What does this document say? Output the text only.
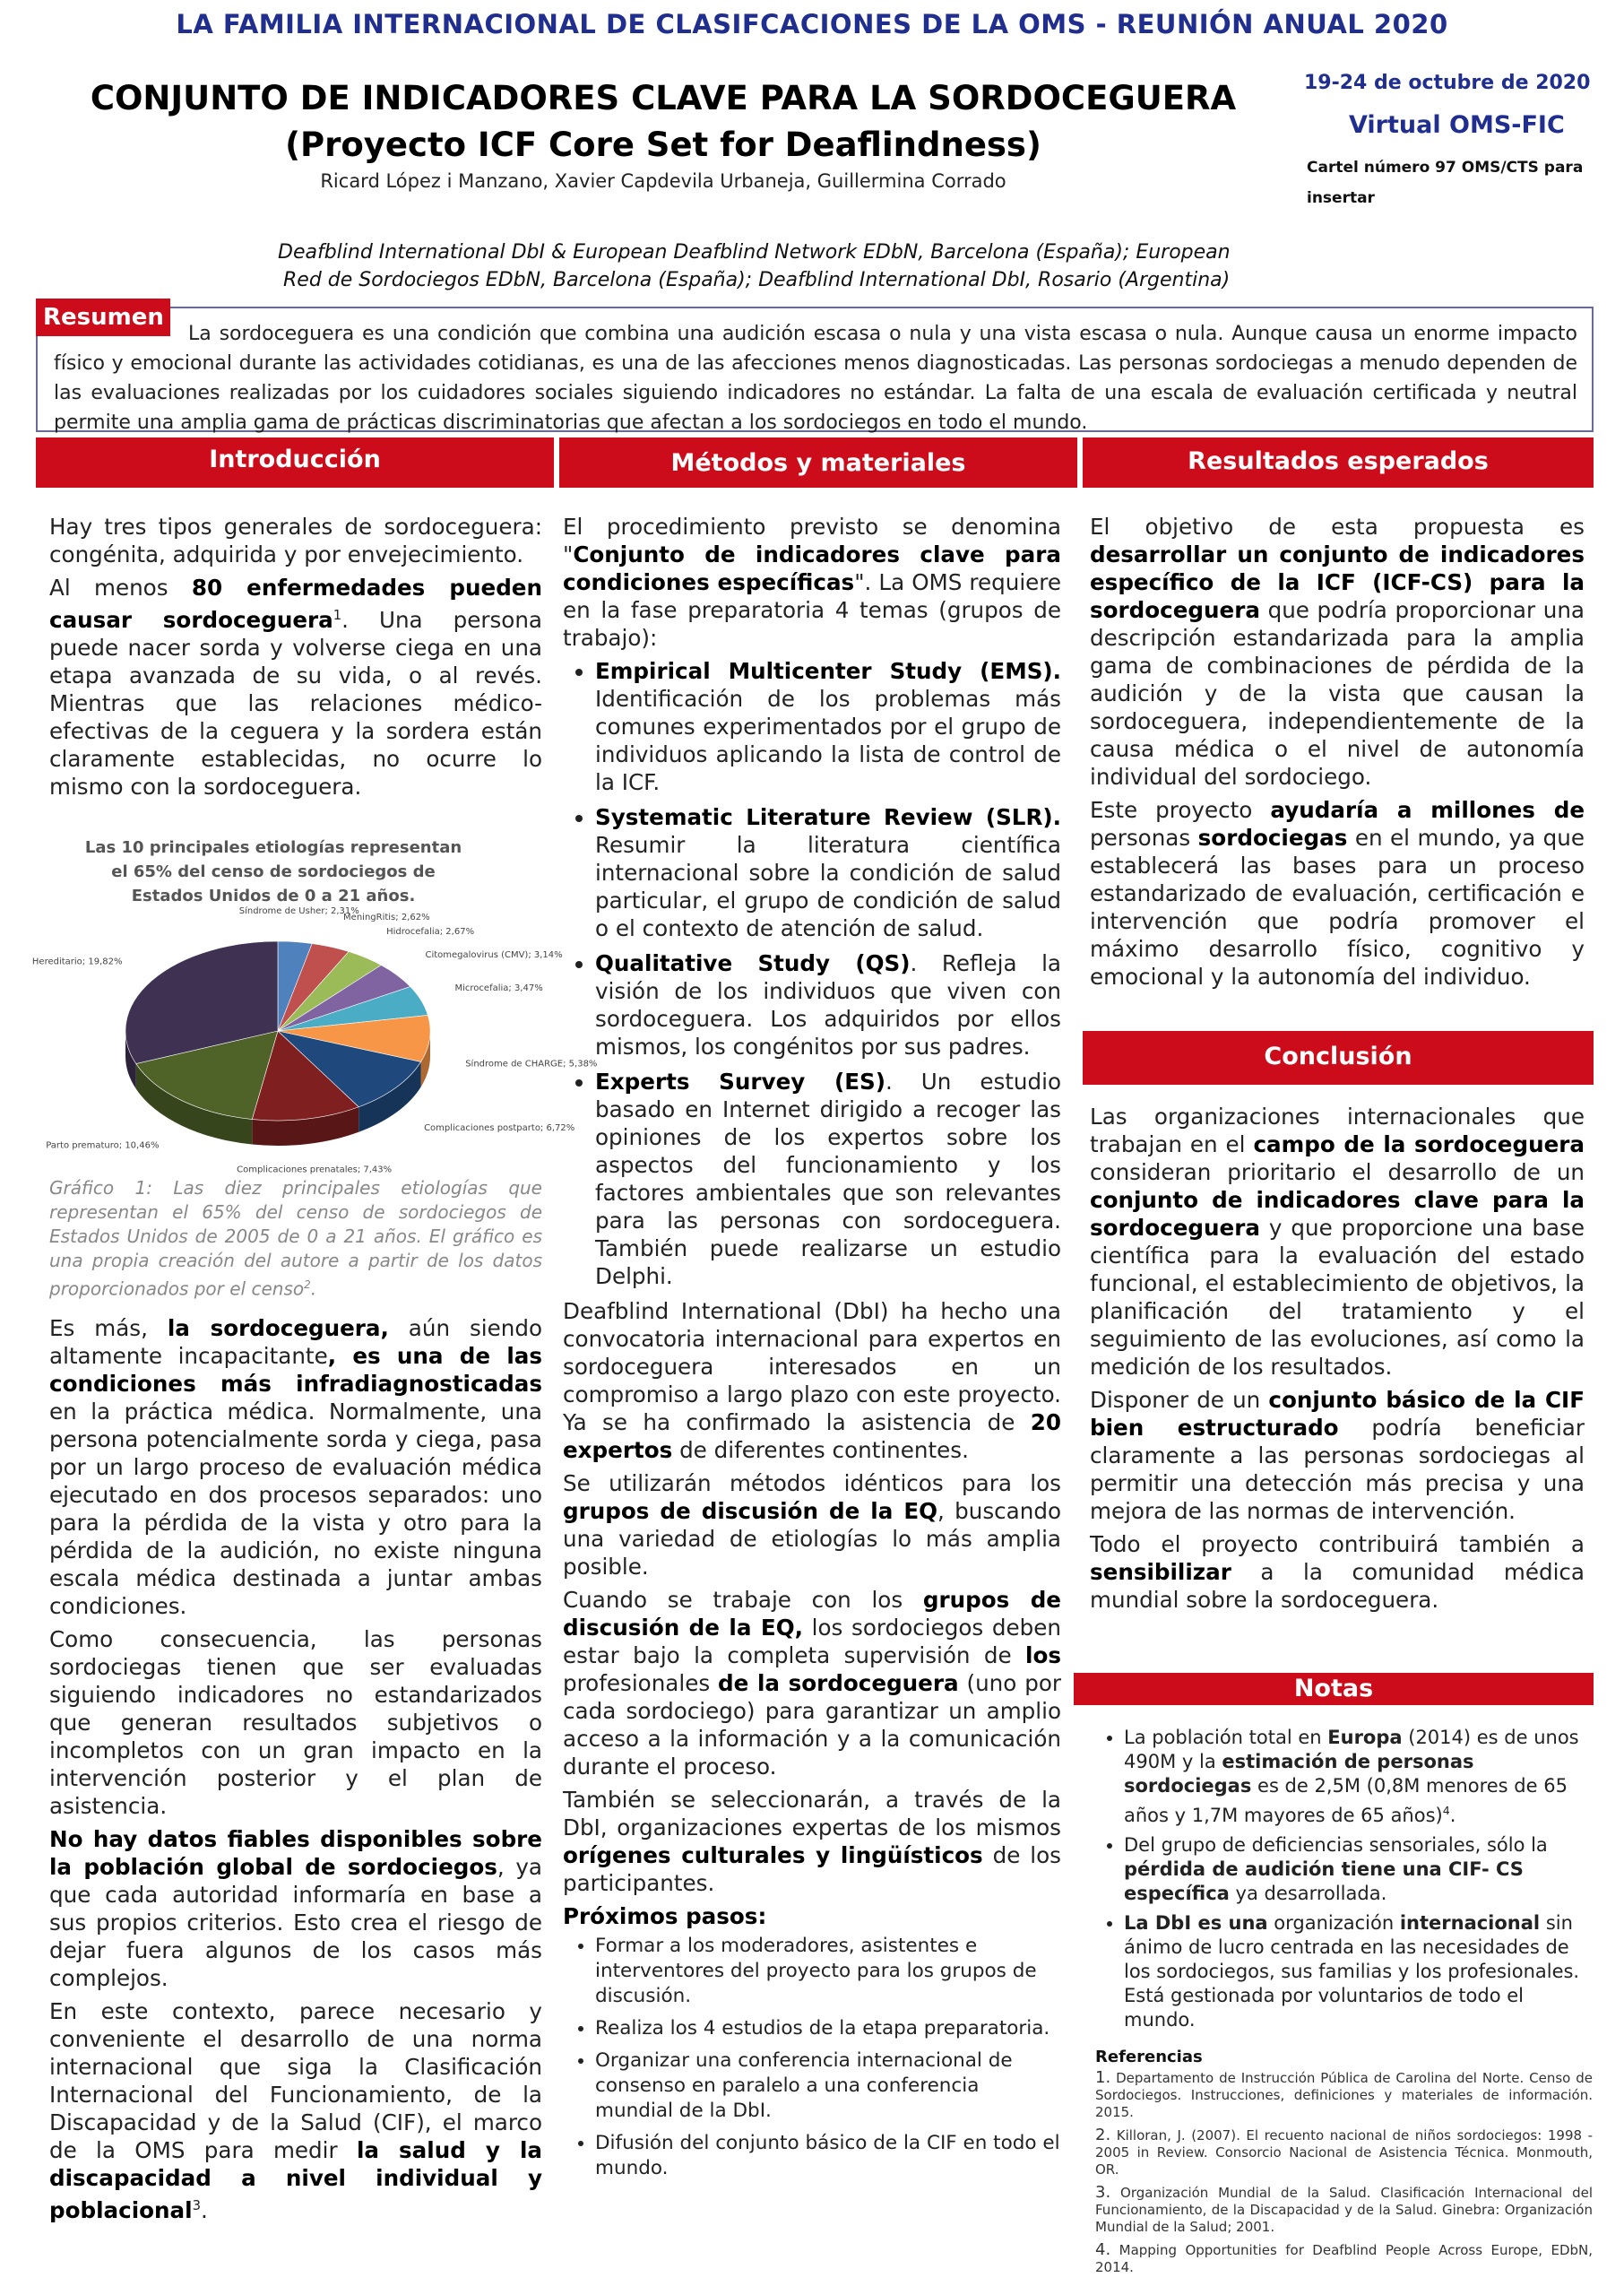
LA FAMILIA INTERNACIONAL DE CLASIFCACIONES DE LA OMS - REUNIÓN ANUAL 2020
CONJUNTO DE INDICADORES CLAVE PARA LA SORDOCEGUERA
(Proyecto ICF Core Set for Deaflindness)
Ricard López i Manzano, Xavier Capdevila Urbaneja, Guillermina Corrado
19-24 de octubre de 2020
Virtual OMS-FIC
Cartel número 97 OMS/CTS para insertar
Deafblind International DbI & European Deafblind Network EDbN, Barcelona (España); European
Red de Sordociegos EDbN, Barcelona (España); Deafblind International DbI, Rosario (Argentina)
La sordoceguera es una condición que combina una audición escasa o nula y una vista escasa o nula. Aunque causa un enorme impacto físico y emocional durante las actividades cotidianas, es una de las afecciones menos diagnosticadas. Las personas sordociegas a menudo dependen de las evaluaciones realizadas por los cuidadores sociales siguiendo indicadores no estándar. La falta de una escala de evaluación certificada y neutral permite una amplia gama de prácticas discriminatorias que afectan a los sordociegos en todo el mundo.
Resumen
Introducción	Métodos y materiales	Resultados esperados

Hay tres tipos generales de sordoceguera: congénita, adquirida y por envejecimiento.

Al menos 80 enfermedades pueden causar sordoceguera$^1$. Una persona puede nacer sorda y volverse ciega en una etapa avanzada de su vida, o al revés. Mientras que las relaciones médico-efectivas de la ceguera y la sordera están claramente establecidas, no ocurre lo mismo con la sordoceguera.

Las 10 principales etiologías representan el 65% del censo de sordociegos de Estados Unidos de 0 a 21 años.
Síndrome de Usher; 2,31%
MeningRitis; 2,62%
Hidrocefalia; 2,67%
Citomegalovirus (CMV); 3,14%
Microcefalia; 3,47%
Síndrome de CHARGE; 5,38%
Complicaciones postparto; 6,72%
Complicaciones prenatales; 7,43%
Parto prematuro; 10,46%
Hereditario; 19,82%
Gráfico 1: Las diez principales etiologías que representan el 65% del censo de sordociegos de Estados Unidos de 2005 de 0 a 21 años. El gráfico es una propia creación del autore a partir de los datos proporcionados por el censo$^2$.

Es más, la sordoceguera, aún siendo altamente incapacitante, es una de las condiciones más infradiagnosticadas en la práctica médica. Normalmente, una persona potencialmente sorda y ciega, pasa por un largo proceso de evaluación médica ejecutado en dos procesos separados: uno para la pérdida de la vista y otro para la pérdida de la audición, no existe ninguna escala médica destinada a juntar ambas condiciones.

Como consecuencia, las personas sordociegas tienen que ser evaluadas siguiendo indicadores no estandarizados que generan resultados subjetivos o incompletos con un gran impacto en la intervención posterior y el plan de asistencia.

No hay datos fiables disponibles sobre la población global de sordociegos, ya que cada autoridad informaría en base a sus propios criterios. Esto crea el riesgo de dejar fuera algunos de los casos más complejos.

En este contexto, parece necesario y conveniente el desarrollo de una norma internacional que siga la Clasificación Internacional del Funcionamiento, de la Discapacidad y de la Salud (CIF), el marco de la OMS para medir la salud y la discapacidad a nivel individual y poblacional$^3$.

El procedimiento previsto se denomina "Conjunto de indicadores clave para condiciones específicas". La OMS requiere en la fase preparatoria 4 temas (grupos de trabajo):

• Empirical Multicenter Study (EMS). Identificación de los problemas más comunes experimentados por el grupo de individuos aplicando la lista de control de la ICF.
• Systematic Literature Review (SLR). Resumir la literatura científica internacional sobre la condición de salud particular, el grupo de condición de salud o el contexto de atención de salud.
• Qualitative Study (QS). Refleja la visión de los individuos que viven con sordoceguera. Los adquiridos por ellos mismos, los congénitos por sus padres.
• Experts Survey (ES). Un estudio basado en Internet dirigido a recoger las opiniones de los expertos sobre los aspectos del funcionamiento y los factores ambientales que son relevantes para las personas con sordoceguera. También puede realizarse un estudio Delphi.

Deafblind International (DbI) ha hecho una convocatoria internacional para expertos en sordoceguera interesados en un compromiso a largo plazo con este proyecto. Ya se ha confirmado la asistencia de 20 expertos de diferentes continentes.

Se utilizarán métodos idénticos para los grupos de discusión de la EQ, buscando una variedad de etiologías lo más amplia posible.

Cuando se trabaje con los grupos de discusión de la EQ, los sordociegos deben estar bajo la completa supervisión de los profesionales de la sordoceguera (uno por cada sordociego) para garantizar un amplio acceso a la información y a la comunicación durante el proceso.

También se seleccionarán, a través de la DbI, organizaciones expertas de los mismos orígenes culturales y lingüísticos de los participantes.

Próximos pasos:
• Formar a los moderadores, asistentes e interventores del proyecto para los grupos de discusión.
• Realiza los 4 estudios de la etapa preparatoria.
• Organizar una conferencia internacional de consenso en paralelo a una conferencia mundial de la DbI.
• Difusión del conjunto básico de la CIF en todo el mundo.

El objetivo de esta propuesta es desarrollar un conjunto de indicadores específico de la ICF (ICF-CS) para la sordoceguera que podría proporcionar una descripción estandarizada para la amplia gama de combinaciones de pérdida de la audición y de la vista que causan la sordoceguera, independientemente de la causa médica o el nivel de autonomía individual del sordociego.

Este proyecto ayudaría a millones de personas sordociegas en el mundo, ya que establecerá las bases para un proceso estandarizado de evaluación, certificación e intervención que podría promover el máximo desarrollo físico, cognitivo y emocional y la autonomía del individuo.

Conclusión

Las organizaciones internacionales que trabajan en el campo de la sordoceguera consideran prioritario el desarrollo de un conjunto de indicadores clave para la sordoceguera y que proporcione una base científica para la evaluación del estado funcional, el establecimiento de objetivos, la planificación del tratamiento y el seguimiento de las evoluciones, así como la medición de los resultados.

Disponer de un conjunto básico de la CIF bien estructurado podría beneficiar claramente a las personas sordociegas al permitir una detección más precisa y una mejora de las normas de intervención.

Todo el proyecto contribuirá también a sensibilizar a la comunidad médica mundial sobre la sordoceguera.

Notas
• La población total en Europa (2014) es de unos 490M y la estimación de personas sordociegas es de 2,5M (0,8M menores de 65 años y 1,7M mayores de 65 años)$^4$.
• Del grupo de deficiencias sensoriales, sólo la pérdida de audición tiene una CIF- CS específica ya desarrollada.
• La DbI es una organización internacional sin ánimo de lucro centrada en las necesidades de los sordociegos, sus familias y los profesionales. Está gestionada por voluntarios de todo el mundo.
Referencias
1. Departamento de Instrucción Pública de Carolina del Norte. Censo de Sordociegos. Instrucciones, definiciones y materiales de información. 2015.
2. Killoran, J. (2007). El recuento nacional de niños sordociegos: 1998 - 2005 in Review. Consorcio Nacional de Asistencia Técnica. Monmouth, OR.
3. Organización Mundial de la Salud. Clasificación Internacional del Funcionamiento, de la Discapacidad y de la Salud. Ginebra: Organización Mundial de la Salud; 2001.
4. Mapping Opportunities for Deafblind People Across Europe, EDbN, 2014.
